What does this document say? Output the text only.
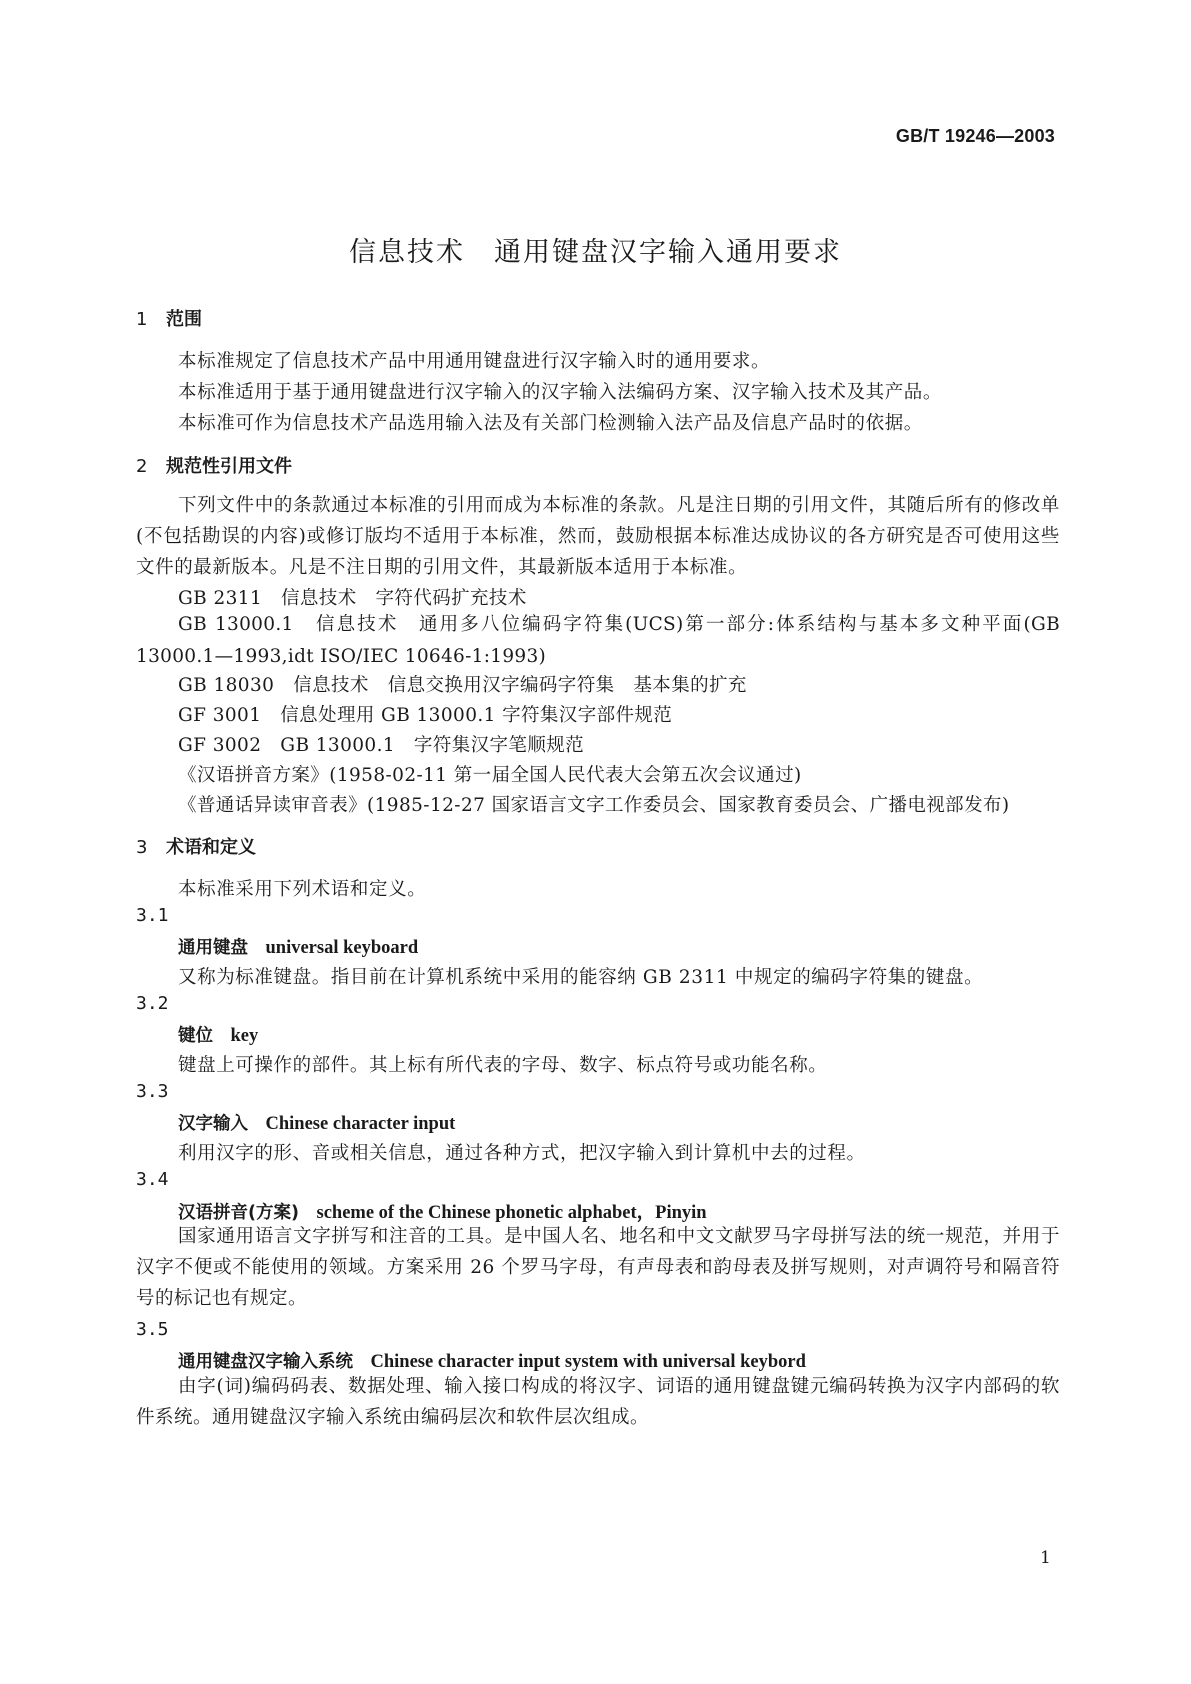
GB/T 19246—2003
信息技术　通用键盘汉字输入通用要求
1 范围
本标准规定了信息技术产品中用通用键盘进行汉字输入时的通用要求。
本标准适用于基于通用键盘进行汉字输入的汉字输入法编码方案、汉字输入技术及其产品。
本标准可作为信息技术产品选用输入法及有关部门检测输入法产品及信息产品时的依据。
2 规范性引用文件
下列文件中的条款通过本标准的引用而成为本标准的条款。凡是注日期的引用文件，其随后所有的修改单(不包括勘误的内容)或修订版均不适用于本标准，然而，鼓励根据本标准达成协议的各方研究是否可使用这些文件的最新版本。凡是不注日期的引用文件，其最新版本适用于本标准。
GB 2311　信息技术　字符代码扩充技术
GB 13000.1　信息技术　通用多八位编码字符集(UCS)第一部分:体系结构与基本多文种平面(GB 13000.1—1993,idt ISO/IEC 10646-1:1993)
GB 18030　信息技术　信息交换用汉字编码字符集　基本集的扩充
GF 3001　信息处理用 GB 13000.1 字符集汉字部件规范
GF 3002　GB 13000.1　字符集汉字笔顺规范
《汉语拼音方案》(1958-02-11 第一届全国人民代表大会第五次会议通过)
《普通话异读审音表》(1985-12-27 国家语言文字工作委员会、国家教育委员会、广播电视部发布)
3 术语和定义
本标准采用下列术语和定义。
3.1
通用键盘　 universal keyboard
又称为标准键盘。指目前在计算机系统中采用的能容纳 GB 2311 中规定的编码字符集的键盘。
3.2
键位　 key
键盘上可操作的部件。其上标有所代表的字母、数字、标点符号或功能名称。
3.3
汉字输入　 Chinese character input
利用汉字的形、音或相关信息，通过各种方式，把汉字输入到计算机中去的过程。
3.4
汉语拼音(方案)　 scheme of the Chinese phonetic alphabet，Pinyin
国家通用语言文字拼写和注音的工具。是中国人名、地名和中文文献罗马字母拼写法的统一规范，并用于汉字不便或不能使用的领域。方案采用 26 个罗马字母，有声母表和韵母表及拼写规则，对声调符号和隔音符号的标记也有规定。
3.5
通用键盘汉字输入系统　 Chinese character input system with universal keybord
由字(词)编码码表、数据处理、输入接口构成的将汉字、词语的通用键盘键元编码转换为汉字内部码的软件系统。通用键盘汉字输入系统由编码层次和软件层次组成。
1
